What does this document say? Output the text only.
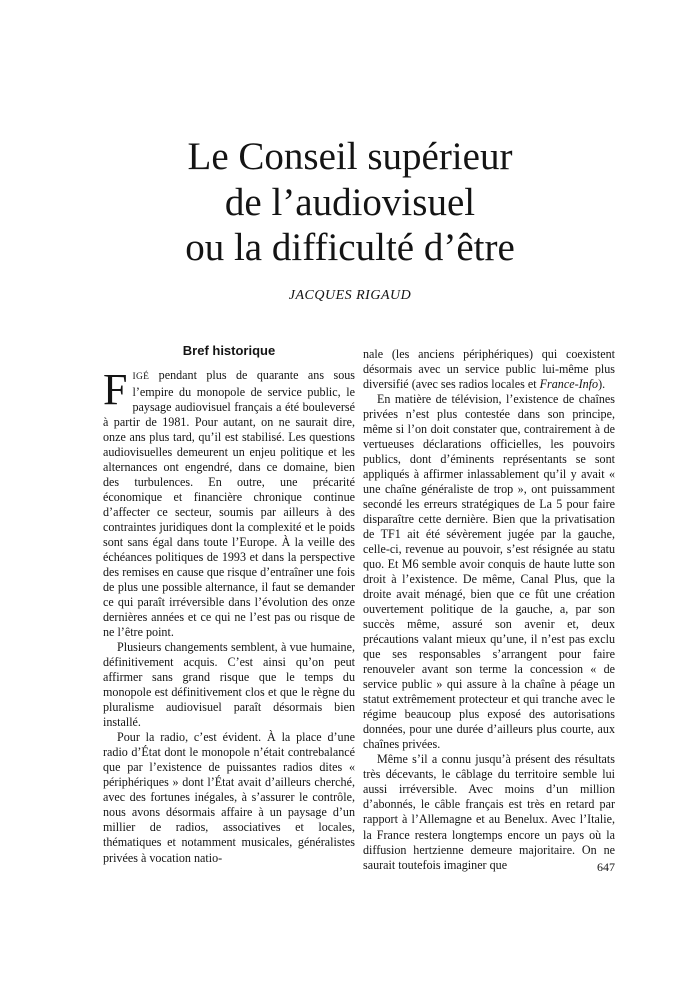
Le Conseil supérieur
de l’audiovisuel
ou la difficulté d’être
JACQUES RIGAUD
Bref historique

FIGÉ pendant plus de quarante ans sous l’empire du monopole de service public, le paysage audiovisuel français a été bouleversé à partir de 1981. Pour autant, on ne saurait dire, onze ans plus tard, qu’il est stabilisé. Les questions audiovisuelles demeurent un enjeu politique et les alternances ont engendré, dans ce domaine, bien des turbulences. En outre, une précarité économique et financière chronique continue d’affecter ce secteur, soumis par ailleurs à des contraintes juridiques dont la complexité et le poids sont sans égal dans toute l’Europe. À la veille des échéances politiques de 1993 et dans la perspective des remises en cause que risque d’entraîner une fois de plus une possible alternance, il faut se demander ce qui paraît irréversible dans l’évolution des onze dernières années et ce qui ne l’est pas ou risque de ne l’être point.

Plusieurs changements semblent, à vue humaine, définitivement acquis. C’est ainsi qu’on peut affirmer sans grand risque que le temps du monopole est définitivement clos et que le règne du pluralisme audiovisuel paraît désormais bien installé.

Pour la radio, c’est évident. À la place d’une radio d’État dont le monopole n’était contrebalancé que par l’existence de puissantes radios dites « périphériques » dont l’État avait d’ailleurs cherché, avec des fortunes inégales, à s’assurer le contrôle, nous avons désormais affaire à un paysage d’un millier de radios, associatives et locales, thématiques et notamment musicales, généralistes privées à vocation natio-

nale (les anciens périphériques) qui coexistent désormais avec un service public lui-même plus diversifié (avec ses radios locales et France-Info).

En matière de télévision, l’existence de chaînes privées n’est plus contestée dans son principe, même si l’on doit constater que, contrairement à de vertueuses déclarations officielles, les pouvoirs publics, dont d’éminents représentants se sont appliqués à affirmer inlassablement qu’il y avait « une chaîne généraliste de trop », ont puissamment secondé les erreurs stratégiques de La 5 pour faire disparaître cette dernière. Bien que la privatisation de TF1 ait été sévèrement jugée par la gauche, celle-ci, revenue au pouvoir, s’est résignée au statu quo. Et M6 semble avoir conquis de haute lutte son droit à l’existence. De même, Canal Plus, que la droite avait ménagé, bien que ce fût une création ouvertement politique de la gauche, a, par son succès même, assuré son avenir et, deux précautions valant mieux qu’une, il n’est pas exclu que ses responsables s’arrangent pour faire renouveler avant son terme la concession « de service public » qui assure à la chaîne à péage un statut extrêmement protecteur et qui tranche avec le régime beaucoup plus exposé des autorisations données, pour une durée d’ailleurs plus courte, aux chaînes privées.

Même s’il a connu jusqu’à présent des résultats très décevants, le câblage du territoire semble lui aussi irréversible. Avec moins d’un million d’abonnés, le câble français est très en retard par rapport à l’Allemagne et au Benelux. Avec l’Italie, la France restera longtemps encore un pays où la diffusion hertzienne demeure majoritaire. On ne saurait toutefois imaginer que	647
